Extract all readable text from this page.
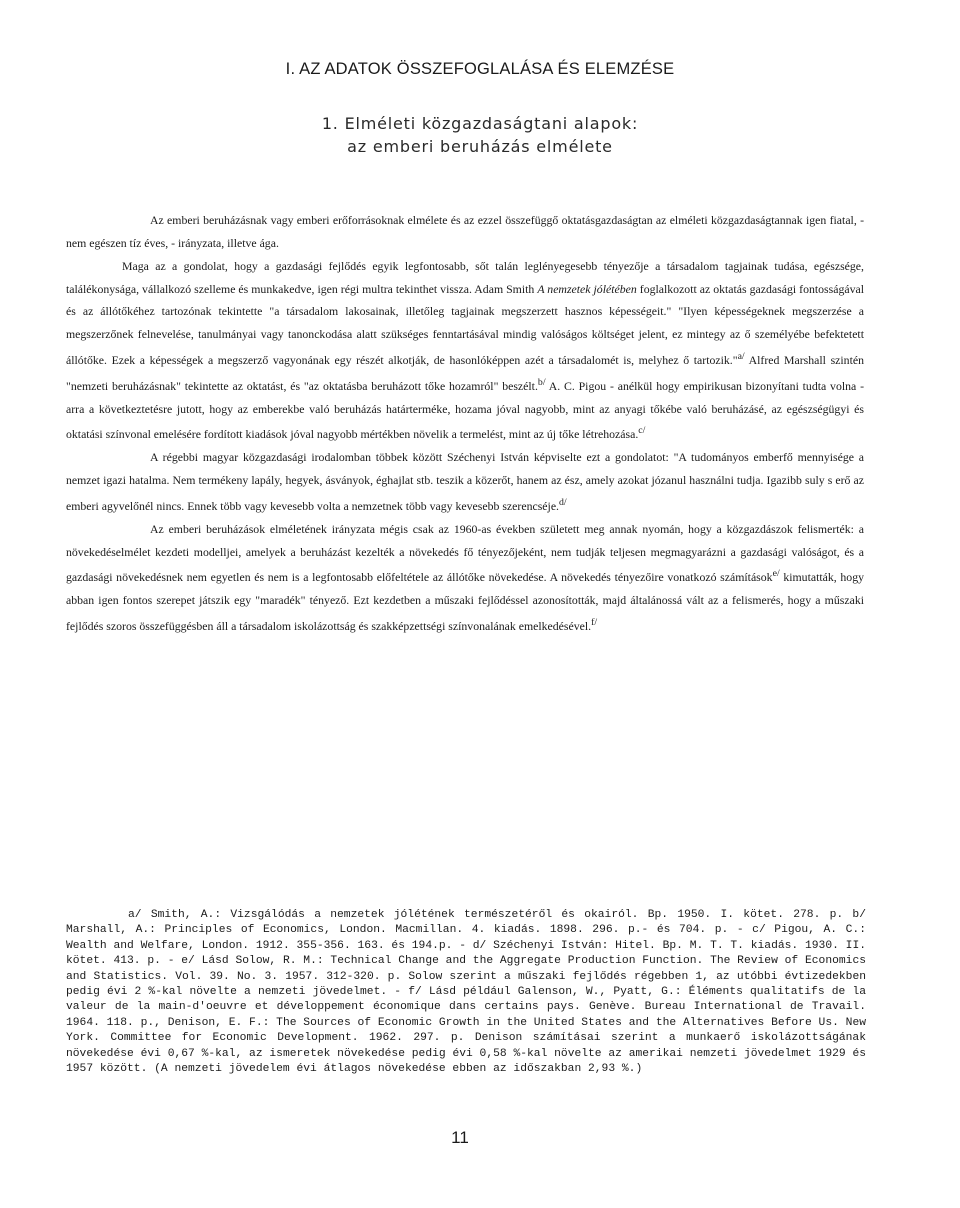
I. AZ ADATOK ÖSSZEFOGLALÁSA ÉS ELEMZÉSE
1. Elméleti közgazdaságtani alapok:
az emberi beruházás elmélete

Az emberi beruházásnak vagy emberi erőforrásoknak elmélete és az ezzel összefüggő oktatásgazdaságtan az elméleti közgazdaságtannak igen fiatal, - nem egészen tíz éves, - irányzata, illetve ága.

Maga az a gondolat, hogy a gazdasági fejlődés egyik legfontosabb, sőt talán leglényegesebb tényezője a társadalom tagjainak tudása, egészsége, találékonysága, vállalkozó szelleme és munkakedve, igen régi multra tekinthet vissza. Adam Smith A nemzetek jólétében foglalkozott az oktatás gazdasági fontosságával és az állótőkéhez tartozónak tekintette "a társadalom lakosainak, illetőleg tagjainak megszerzett hasznos képességeit." "Ilyen képességeknek megszerzése a megszerzőnek felnevelése, tanulmányai vagy tanonckodása alatt szükséges fenntartásával mindig valóságos költséget jelent, ez mintegy az ő személyébe befektetett állótőke. Ezek a képességek a megszerző vagyonának egy részét alkotják, de hasonlóképpen azét a társadalomét is, melyhez ő tartozik."$^{a/}$ Alfred Marshall szintén "nemzeti beruházásnak" tekintette az oktatást, és "az oktatásba beruházott tőke hozamról" beszélt.$^{b/}$ A. C. Pigou - anélkül hogy empirikusan bizonyítani tudta volna - arra a következtetésre jutott, hogy az emberekbe való beruházás határterméke, hozama jóval nagyobb, mint az anyagi tőkébe való beruházásé, az egészségügyi és oktatási színvonal emelésére fordított kiadások jóval nagyobb mértékben növelik a termelést, mint az új tőke létrehozása.$^{c/}$

A régebbi magyar közgazdasági irodalomban többek között Széchenyi István képviselte ezt a gondolatot: "A tudományos emberfő mennyisége a nemzet igazi hatalma. Nem termékeny lapály, hegyek, ásványok, éghajlat stb. teszik a közerőt, hanem az ész, amely azokat józanul használni tudja. Igazibb suly s erő az emberi agyvelőnél nincs. Ennek több vagy kevesebb volta a nemzetnek több vagy kevesebb szerencséje.$^{d/}$

Az emberi beruházások elméletének irányzata mégis csak az 1960-as években született meg annak nyomán, hogy a közgazdászok felismerték: a növekedéselmélet kezdeti modelljei, amelyek a beruházást kezelték a növekedés fő tényezőjeként, nem tudják teljesen megmagyarázni a gazdasági valóságot, és a gazdasági növekedésnek nem egyetlen és nem is a legfontosabb előfeltétele az állótőke növekedése. A növekedés tényezőire vonatkozó számítások$^{e/}$ kimutatták, hogy abban igen fontos szerepet játszik egy "maradék" tényező. Ezt kezdetben a műszaki fejlődéssel azonosították, majd általánossá vált az a felismerés, hogy a műszaki fejlődés szoros összefüggésben áll a társadalom iskolázottság és szakképzettségi színvonalának emelkedésével.$^{f/}$

a/ Smith, A.: Vizsgálódás a nemzetek jólétének természetéről és okairól. Bp. 1950. I. kötet. 278. p. b/ Marshall, A.: Principles of Economics, London. Macmillan. 4. kiadás. 1898. 296. p.- és 704. p. - c/ Pigou, A. C.: Wealth and Welfare, London. 1912. 355-356. 163. és 194.p. - d/ Széchenyi István: Hitel. Bp. M. T. T. kiadás. 1930. II. kötet. 413. p. - e/ Lásd Solow, R. M.: Technical Change and the Aggregate Production Function. The Review of Economics and Statistics. Vol. 39. No. 3. 1957. 312-320. p. Solow szerint a műszaki fejlődés régebben 1, az utóbbi évtizedekben pedig évi 2 %-kal növelte a nemzeti jövedelmet. - f/ Lásd például Galenson, W., Pyatt, G.: Éléments qualitatifs de la valeur de la main-d'oeuvre et développement économique dans certains pays. Genève. Bureau International de Travail. 1964. 118. p., Denison, E. F.: The Sources of Economic Growth in the United States and the Alternatives Before Us. New York. Committee for Economic Development. 1962. 297. p. Denison számításai szerint a munkaerő iskolázottságának növekedése évi 0,67 %-kal, az ismeretek növekedése pedig évi 0,58 %-kal növelte az amerikai nemzeti jövedelmet 1929 és 1957 között. (A nemzeti jövedelem évi átlagos növekedése ebben az időszakban 2,93 %.)

11
